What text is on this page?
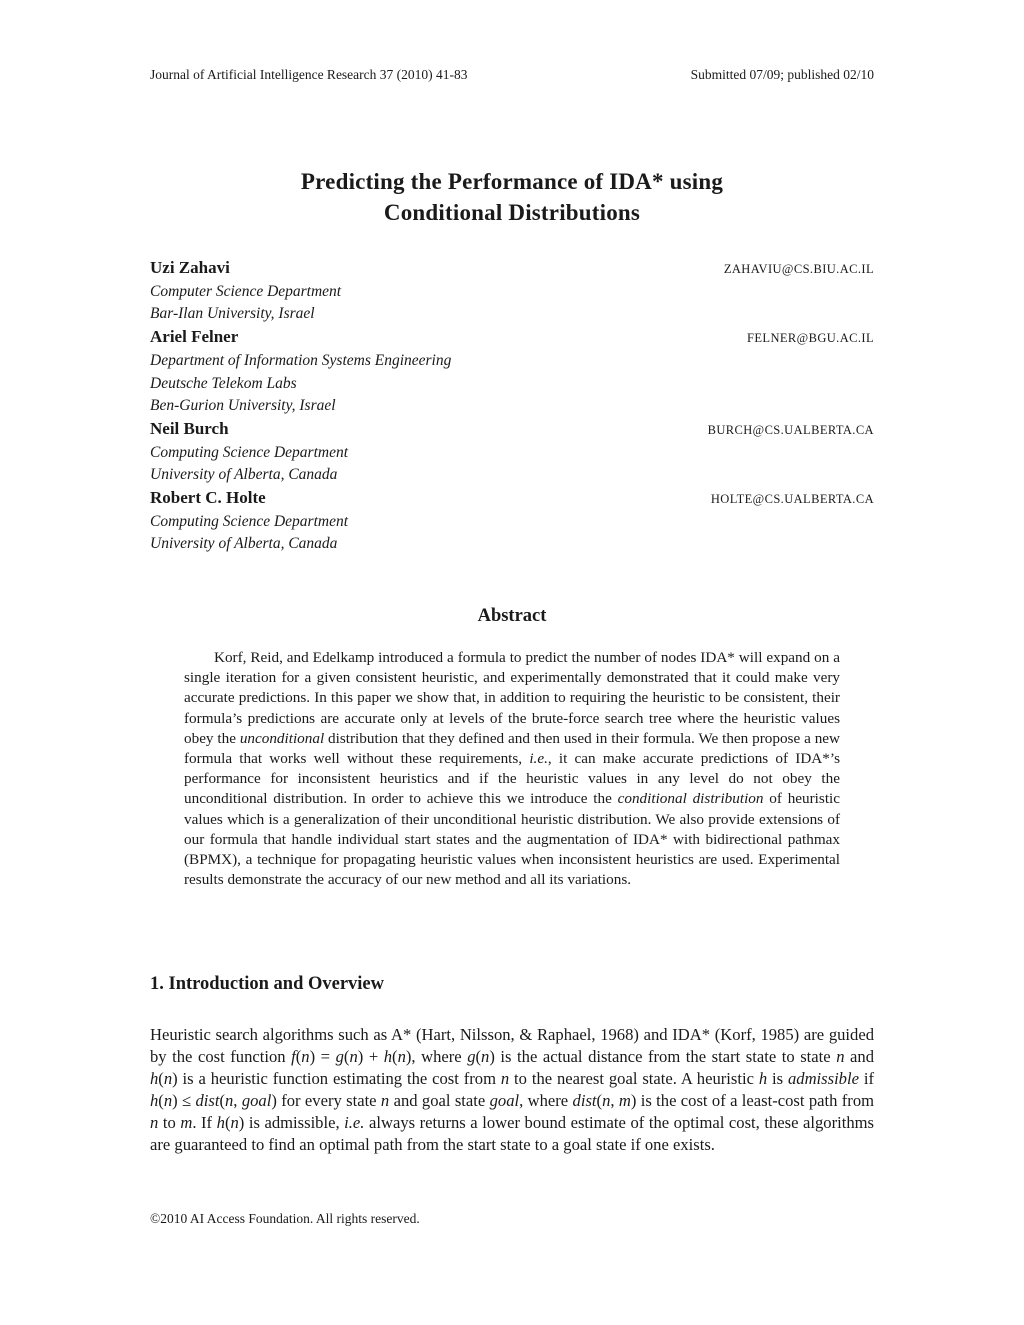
Journal of Artificial Intelligence Research 37 (2010) 41-83	Submitted 07/09; published 02/10
Predicting the Performance of IDA* using
Conditional Distributions
Uzi Zahavi	ZAHAVIU@CS.BIU.AC.IL
Computer Science Department
Bar-Ilan University, Israel
Ariel Felner	FELNER@BGU.AC.IL
Department of Information Systems Engineering
Deutsche Telekom Labs
Ben-Gurion University, Israel
Neil Burch	BURCH@CS.UALBERTA.CA
Computing Science Department
University of Alberta, Canada
Robert C. Holte	HOLTE@CS.UALBERTA.CA
Computing Science Department
University of Alberta, Canada
Abstract
Korf, Reid, and Edelkamp introduced a formula to predict the number of nodes IDA* will expand on a single iteration for a given consistent heuristic, and experimentally demonstrated that it could make very accurate predictions. In this paper we show that, in addition to requiring the heuristic to be consistent, their formula’s predictions are accurate only at levels of the brute-force search tree where the heuristic values obey the unconditional distribution that they defined and then used in their formula. We then propose a new formula that works well without these requirements, i.e., it can make accurate predictions of IDA*’s performance for inconsistent heuristics and if the heuristic values in any level do not obey the unconditional distribution. In order to achieve this we introduce the conditional distribution of heuristic values which is a generalization of their unconditional heuristic distribution. We also provide extensions of our formula that handle individual start states and the augmentation of IDA* with bidirectional pathmax (BPMX), a technique for propagating heuristic values when inconsistent heuristics are used. Experimental results demonstrate the accuracy of our new method and all its variations.
1. Introduction and Overview
Heuristic search algorithms such as A* (Hart, Nilsson, & Raphael, 1968) and IDA* (Korf, 1985) are guided by the cost function f(n) = g(n) + h(n), where g(n) is the actual distance from the start state to state n and h(n) is a heuristic function estimating the cost from n to the nearest goal state. A heuristic h is admissible if h(n) ≤ dist(n, goal) for every state n and goal state goal, where dist(n, m) is the cost of a least-cost path from n to m. If h(n) is admissible, i.e. always returns a lower bound estimate of the optimal cost, these algorithms are guaranteed to find an optimal path from the start state to a goal state if one exists.
©2010 AI Access Foundation. All rights reserved.
